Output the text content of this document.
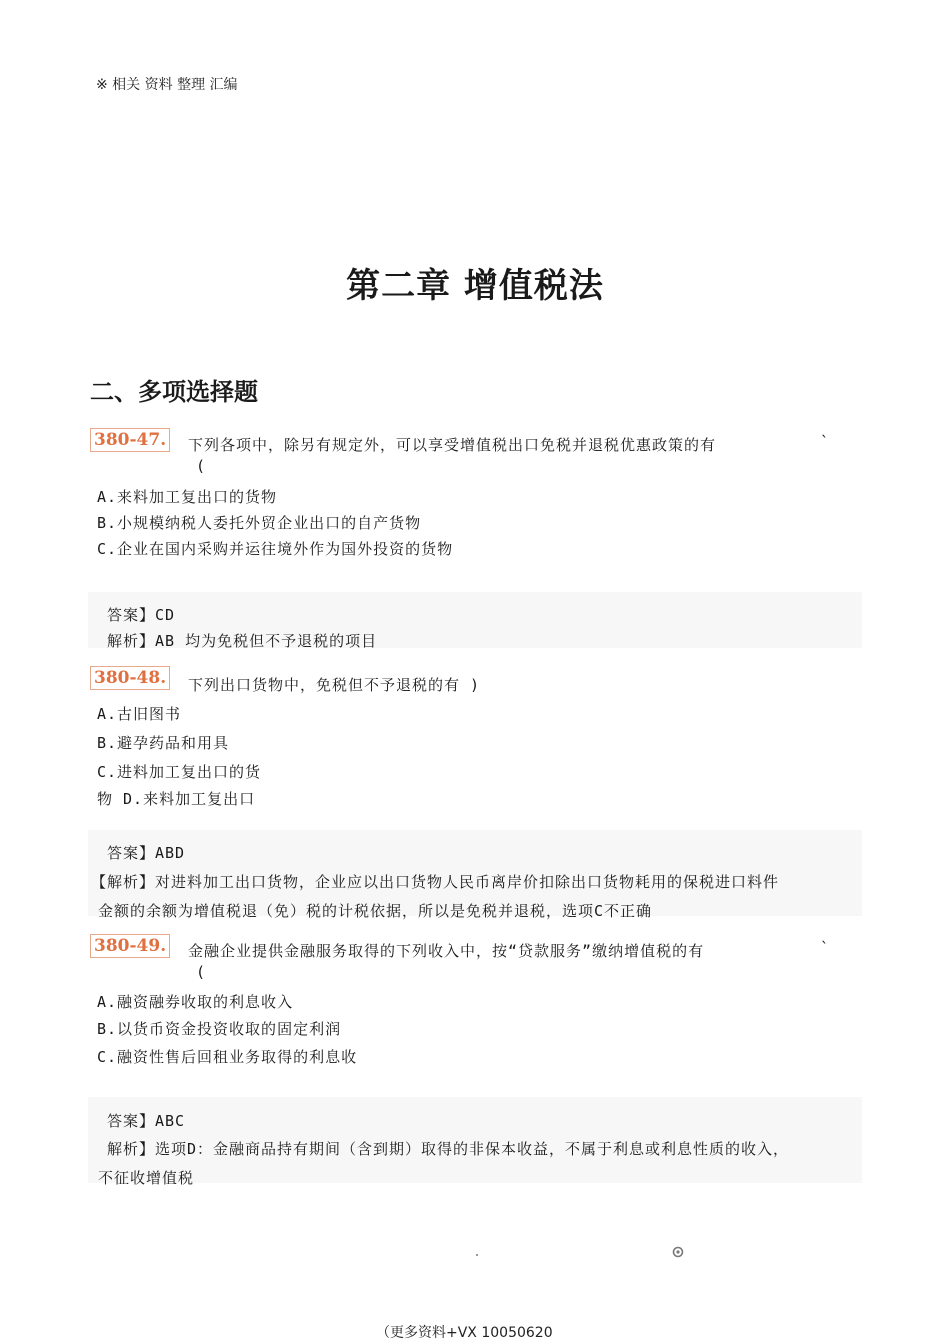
※ 相关 资料 整理 汇编
第二章 增值税法
二、多项选择题
380-47. 下列各项中，除另有规定外，可以享受增值税出口免税并退税优惠政策的有	`
(
A.来料加工复出口的货物
B.小规模纳税人委托外贸企业出口的自产货物
C.企业在国内采购并运往境外作为国外投资的货物
答案】CD
解析】AB 均为免税但不予退税的项目
380-48. 下列出口货物中，免税但不予退税的有 )
A.古旧图书
B.避孕药品和用具
C.进料加工复出口的货
物 D.来料加工复出口
答案】ABD
【解析】对进料加工出口货物，企业应以出口货物人民币离岸价扣除出口货物耗用的保税进口料件
金额的余额为增值税退（免）税的计税依据，所以是免税并退税，选项C不正确
380-49. 金融企业提供金融服务取得的下列收入中，按“贷款服务”缴纳增值税的有	`
(
A.融资融券收取的利息收入
B.以货币资金投资收取的固定利润
C.融资性售后回租业务取得的利息收
答案】ABC
解析】选项D：金融商品持有期间（含到期）取得的非保本收益，不属于利息或利息性质的收入，
不征收增值税
（更多资料+VX 10050620
